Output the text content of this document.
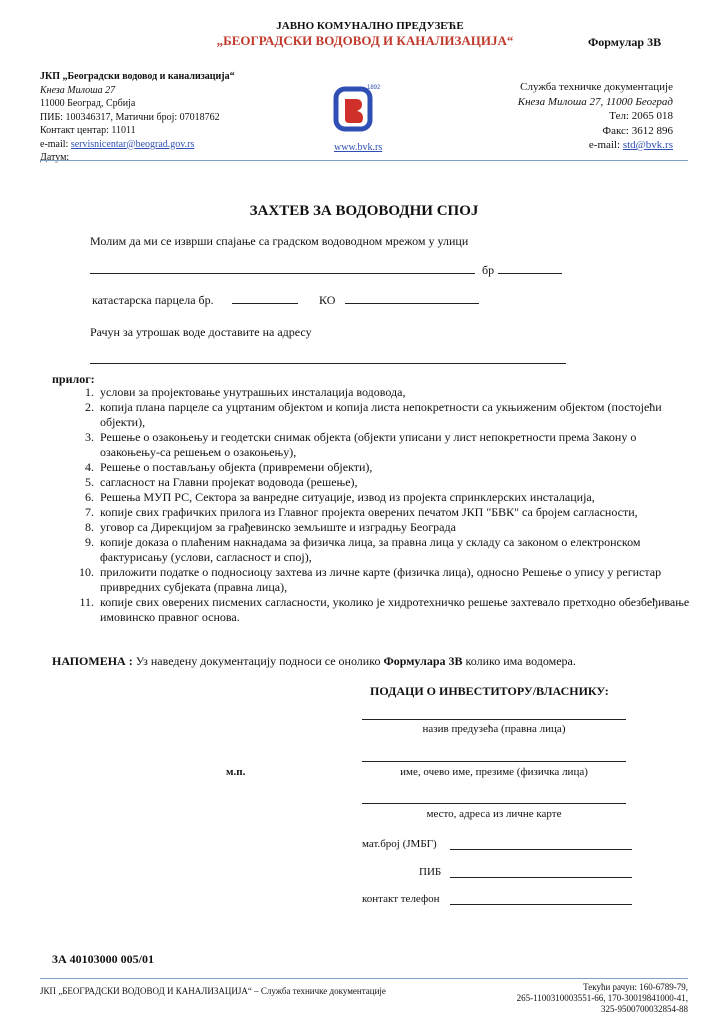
ЈАВНО КОМУНАЛНО ПРЕДУЗЕЋЕ
„БЕОГРАДСКИ ВОДОВОД И КАНАЛИЗАЦИЈА“	Формулар 3В
ЈКП „Београдски водовод и канализација“
Кнеза Милоша 27
11000 Београд, Србија
ПИБ: 100346317, Матични број: 07018762
Контакт центар: 11011
e-mail: servisnicentar@beograd.gov.rs
Датум:
1892
www.bvk.rs
Служба техничке документације
Кнеза Милоша 27, 11000 Београд
Тел: 2065 018
Факс: 3612 896
e-mail: std@bvk.rs
ЗАХТЕВ ЗА ВОДОВОДНИ СПОЈ
Молим да ми се изврши спајање са градском водоводном мрежом у улици
бр
катастарска парцела бр.	КО
Рачун за утрошак воде доставите на адресу
прилог:
1. услови за пројектовање унутрашњих инсталација водовода,
2. копија плана парцеле са уцртаним објектом и копија листа непокретности са укњиженим објектом (постојећи објекти),
3. Решење о озакоњењу и геодетски снимак објекта (објекти уписани у лист непокретности према Закону о озакоњењу-са решењем о озакоњењу),
4. Решење о постављању објекта (привремени објекти),
5. сагласност на Главни пројекат водовода (решење),
6. Решења МУП РС, Сектора за ванредне ситуације, извод из пројекта спринклерских инсталација,
7. копије свих графичких прилога из Главног пројекта оверених печатом ЈКП "БВК" са бројем сагласности,
8. уговор са Дирекцијом за грађевинско земљиште и изградњу Београда
9. копије доказа о плаћеним накнадама за физичка лица, за правна лица у складу са законом о електронском фактурисању (услови, сагласност и спој),
10. приложити податке о подносиоцу захтева из личне карте (физичка лица), односно Решење о упису у регистар привредних субјеката (правна лица),
11. копије свих оверених писмених сагласности, уколико је хидротехничко решење захтевало претходно обезбеђивање имовинско правног основа.
НАПОМЕНА : Уз наведену документацију подноси се онолико Формулара 3В колико има водомера.
ПОДАЦИ О ИНВЕСТИТОРУ/ВЛАСНИКУ:
назив предузећа (правна лица)
м.п.	име, очево име, презиме (физичка лица)
место, адреса из личне карте
мат.број (ЈМБГ)
ПИБ
контакт телефон
3А 40103000 005/01
ЈКП „БЕОГРАДСКИ ВОДОВОД И КАНАЛИЗАЦИЈА“ – Служба техничке документације	Текући рачун: 160-6789-79,
265-1100310003551-66, 170-30019841000-41,
325-9500700032854-88
